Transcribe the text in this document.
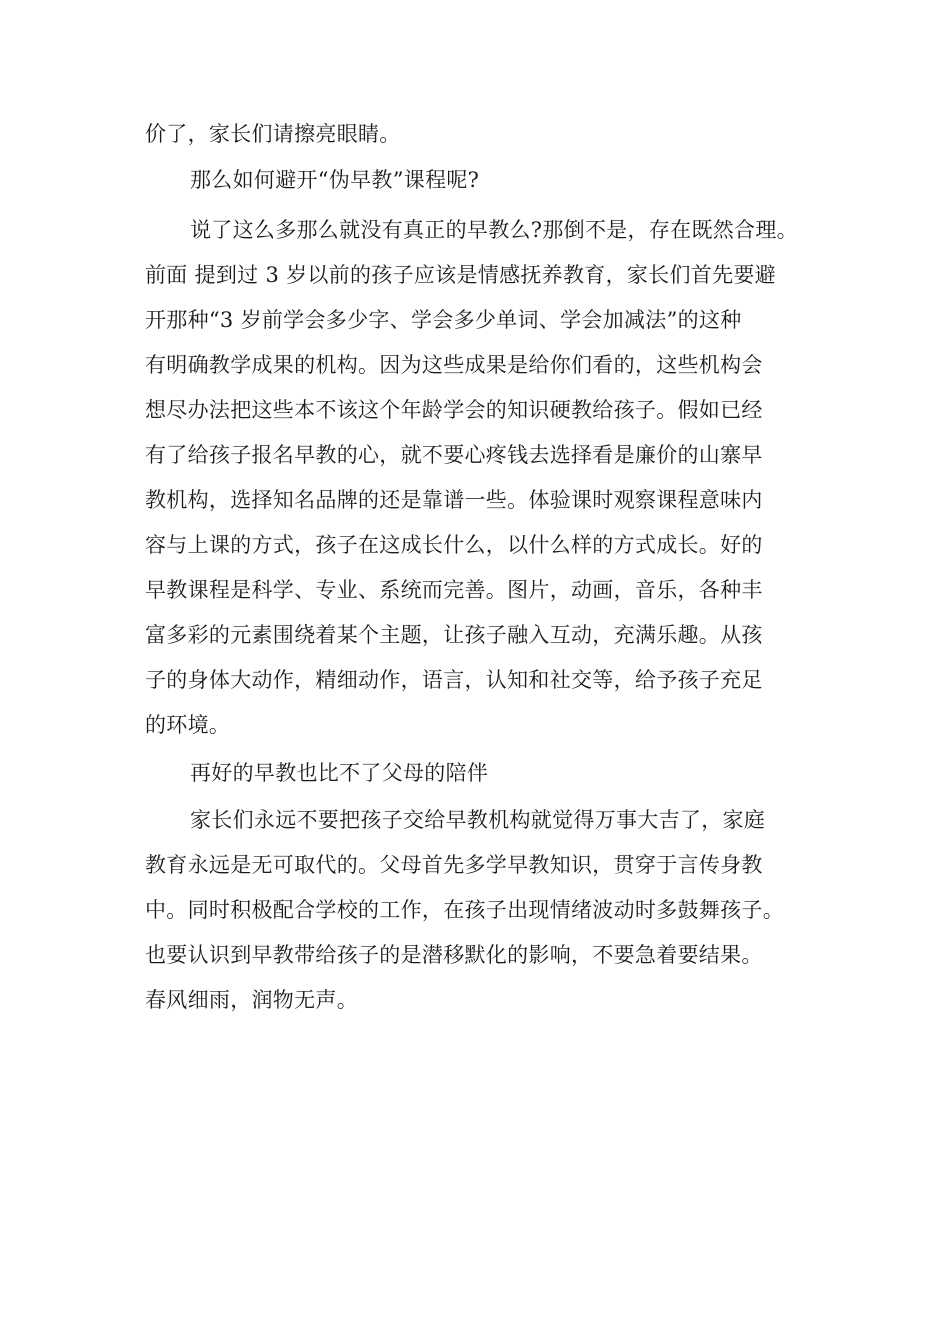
价了，家长们请擦亮眼睛。
那么如何避开“伪早教”课程呢?
说了这么多那么就没有真正的早教么?那倒不是，存在既然合理。
前面 提到过 3 岁以前的孩子应该是情感抚养教育，家长们首先要避
开那种“3 岁前学会多少字、学会多少单词、学会加减法”的这种
有明确教学成果的机构。因为这些成果是给你们看的，这些机构会
想尽办法把这些本不该这个年龄学会的知识硬教给孩子。假如已经
有了给孩子报名早教的心，就不要心疼钱去选择看是廉价的山寨早
教机构，选择知名品牌的还是靠谱一些。体验课时观察课程意味内
容与上课的方式，孩子在这成长什么，以什么样的方式成长。好的
早教课程是科学、专业、系统而完善。图片，动画，音乐，各种丰
富多彩的元素围绕着某个主题，让孩子融入互动，充满乐趣。从孩
子的身体大动作，精细动作，语言，认知和社交等，给予孩子充足
的环境。
再好的早教也比不了父母的陪伴
家长们永远不要把孩子交给早教机构就觉得万事大吉了，家庭
教育永远是无可取代的。父母首先多学早教知识，贯穿于言传身教
中。同时积极配合学校的工作，在孩子出现情绪波动时多鼓舞孩子。
也要认识到早教带给孩子的是潜移默化的影响，不要急着要结果。
春风细雨，润物无声。
